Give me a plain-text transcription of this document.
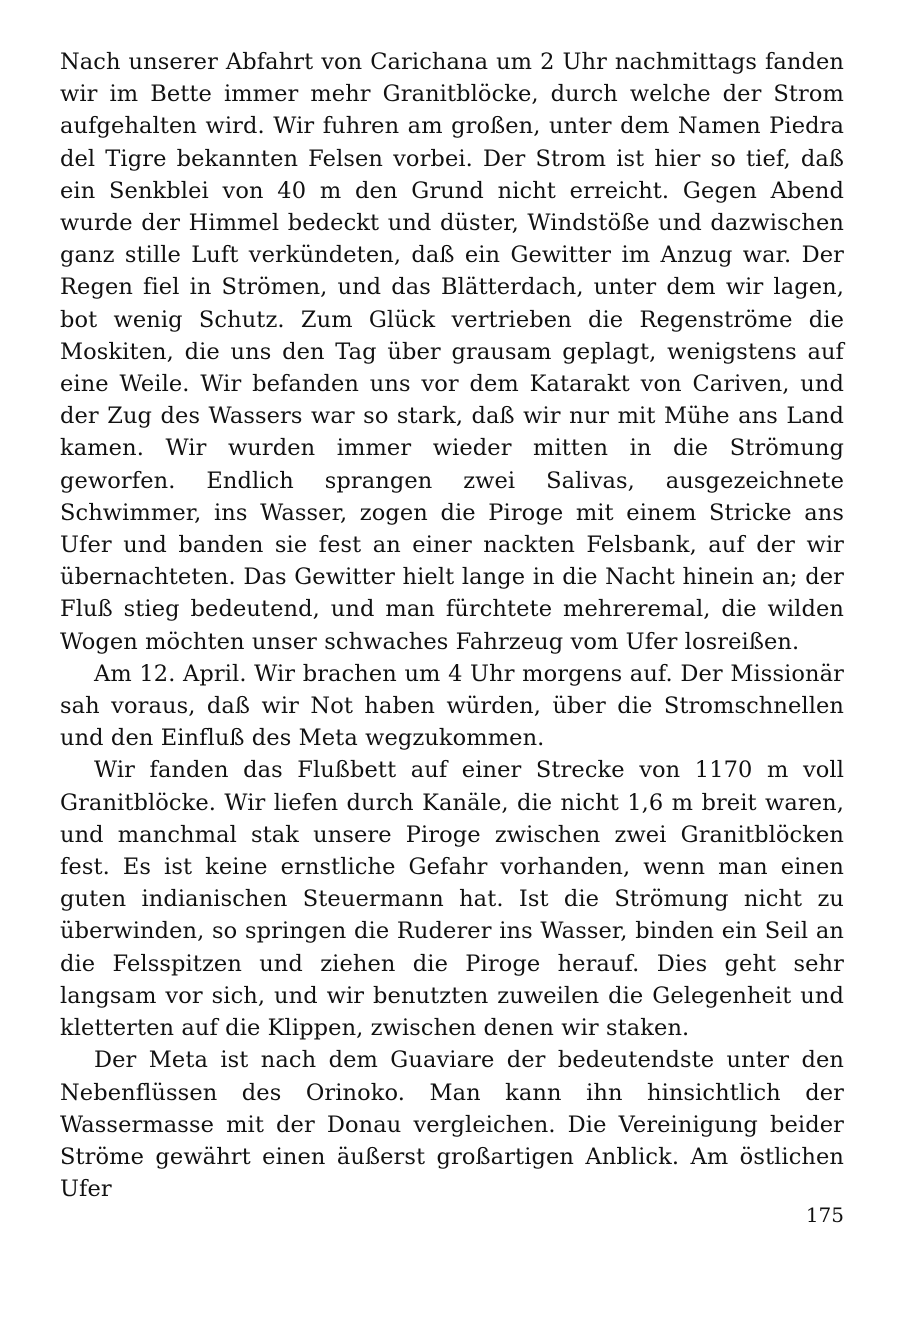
Nach unserer Abfahrt von Carichana um 2 Uhr nachmittags fanden wir im Bette immer mehr Granitblöcke, durch welche der Strom aufgehalten wird. Wir fuhren am großen, unter dem Namen Piedra del Tigre bekannten Felsen vorbei. Der Strom ist hier so tief, daß ein Senkblei von 40 m den Grund nicht erreicht. Gegen Abend wurde der Himmel bedeckt und düster, Windstöße und dazwischen ganz stille Luft verkündeten, daß ein Gewitter im Anzug war. Der Regen fiel in Strömen, und das Blätterdach, unter dem wir lagen, bot wenig Schutz. Zum Glück vertrieben die Regenströme die Moskiten, die uns den Tag über grausam geplagt, wenigstens auf eine Weile. Wir befanden uns vor dem Katarakt von Cariven, und der Zug des Wassers war so stark, daß wir nur mit Mühe ans Land kamen. Wir wurden immer wieder mitten in die Strömung geworfen. Endlich sprangen zwei Salivas, ausgezeichnete Schwimmer, ins Wasser, zogen die Piroge mit einem Stricke ans Ufer und banden sie fest an einer nackten Felsbank, auf der wir übernachteten. Das Gewitter hielt lange in die Nacht hinein an; der Fluß stieg bedeutend, und man fürchtete mehreremal, die wilden Wogen möchten unser schwaches Fahrzeug vom Ufer losreißen.

Am 12. April. Wir brachen um 4 Uhr morgens auf. Der Missionär sah voraus, daß wir Not haben würden, über die Stromschnellen und den Einfluß des Meta wegzukommen.

Wir fanden das Flußbett auf einer Strecke von 1170 m voll Granitblöcke. Wir liefen durch Kanäle, die nicht 1,6 m breit waren, und manchmal stak unsere Piroge zwischen zwei Granitblöcken fest. Es ist keine ernstliche Gefahr vorhanden, wenn man einen guten indianischen Steuermann hat. Ist die Strömung nicht zu überwinden, so springen die Ruderer ins Wasser, binden ein Seil an die Felsspitzen und ziehen die Piroge herauf. Dies geht sehr langsam vor sich, und wir benutzten zuweilen die Gelegenheit und kletterten auf die Klippen, zwischen denen wir staken.

Der Meta ist nach dem Guaviare der bedeutendste unter den Nebenflüssen des Orinoko. Man kann ihn hinsichtlich der Wassermasse mit der Donau vergleichen. Die Vereinigung beider Ströme gewährt einen äußerst großartigen Anblick. Am östlichen Ufer

175
